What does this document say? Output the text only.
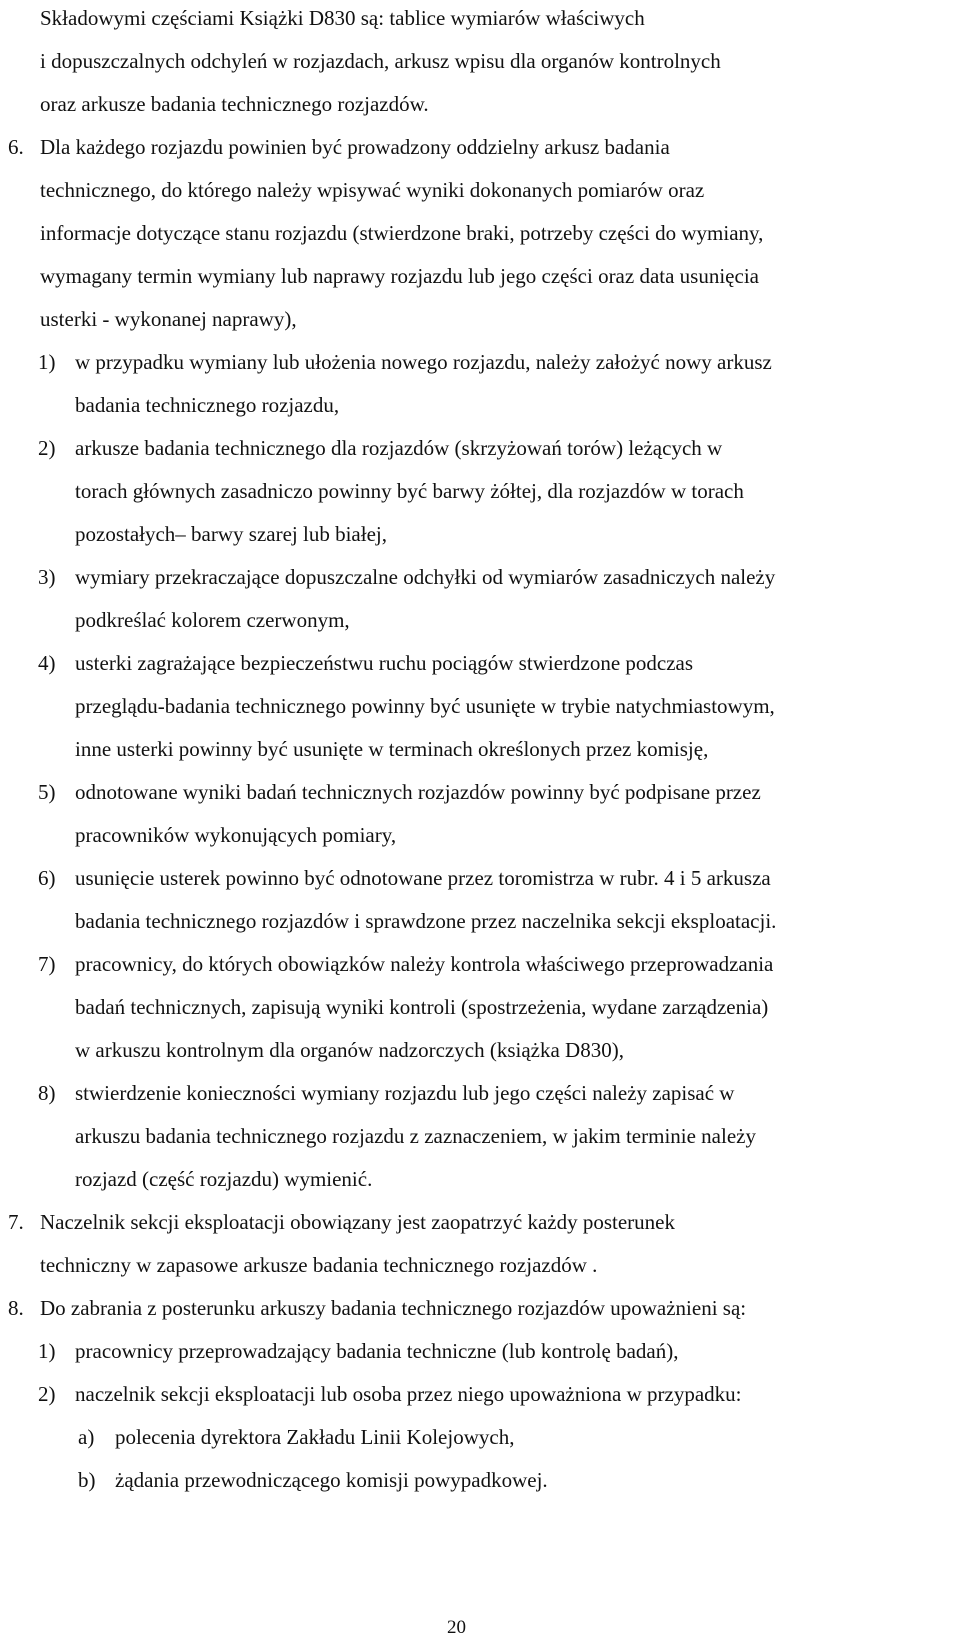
Składowymi częściami Książki D830 są: tablice wymiarów właściwych
i dopuszczalnych odchyleń w rozjazdach, arkusz wpisu dla organów kontrolnych
oraz arkusze badania technicznego rozjazdów.
6. Dla każdego rozjazdu powinien być prowadzony oddzielny arkusz badania
technicznego, do którego należy wpisywać wyniki dokonanych pomiarów oraz
informacje dotyczące stanu rozjazdu (stwierdzone braki, potrzeby części do wymiany,
wymagany termin wymiany lub naprawy rozjazdu lub jego części oraz data usunięcia
usterki - wykonanej naprawy),
1) w przypadku wymiany lub ułożenia nowego rozjazdu, należy założyć nowy arkusz
badania technicznego rozjazdu,
2) arkusze badania technicznego dla rozjazdów (skrzyżowań torów) leżących w
torach głównych zasadniczo powinny być barwy żółtej, dla rozjazdów w torach
pozostałych– barwy szarej lub białej,
3) wymiary przekraczające dopuszczalne odchyłki od wymiarów zasadniczych należy
podkreślać kolorem czerwonym,
4) usterki zagrażające bezpieczeństwu ruchu pociągów stwierdzone podczas
przeglądu-badania technicznego powinny być usunięte w trybie natychmiastowym,
inne usterki powinny być usunięte w terminach określonych przez komisję,
5) odnotowane wyniki badań technicznych rozjazdów powinny być podpisane przez
pracowników wykonujących pomiary,
6) usunięcie usterek powinno być odnotowane przez toromistrza w rubr. 4 i 5 arkusza
badania technicznego rozjazdów i sprawdzone przez naczelnika sekcji eksploatacji.
7) pracownicy, do których obowiązków należy kontrola właściwego przeprowadzania
badań technicznych, zapisują wyniki kontroli (spostrzeżenia, wydane zarządzenia)
w arkuszu kontrolnym dla organów nadzorczych (książka D830),
8) stwierdzenie konieczności wymiany rozjazdu lub jego części należy zapisać w
arkuszu badania technicznego rozjazdu z zaznaczeniem, w jakim terminie należy
rozjazd (część rozjazdu) wymienić.
7. Naczelnik sekcji eksploatacji obowiązany jest zaopatrzyć każdy posterunek
techniczny w zapasowe arkusze badania technicznego rozjazdów .
8. Do zabrania z posterunku arkuszy badania technicznego rozjazdów upoważnieni są:
1) pracownicy przeprowadzający badania techniczne (lub kontrolę badań),
2) naczelnik sekcji eksploatacji lub osoba przez niego upoważniona w przypadku:
a) polecenia dyrektora Zakładu Linii Kolejowych,
b) żądania przewodniczącego komisji powypadkowej.
20
